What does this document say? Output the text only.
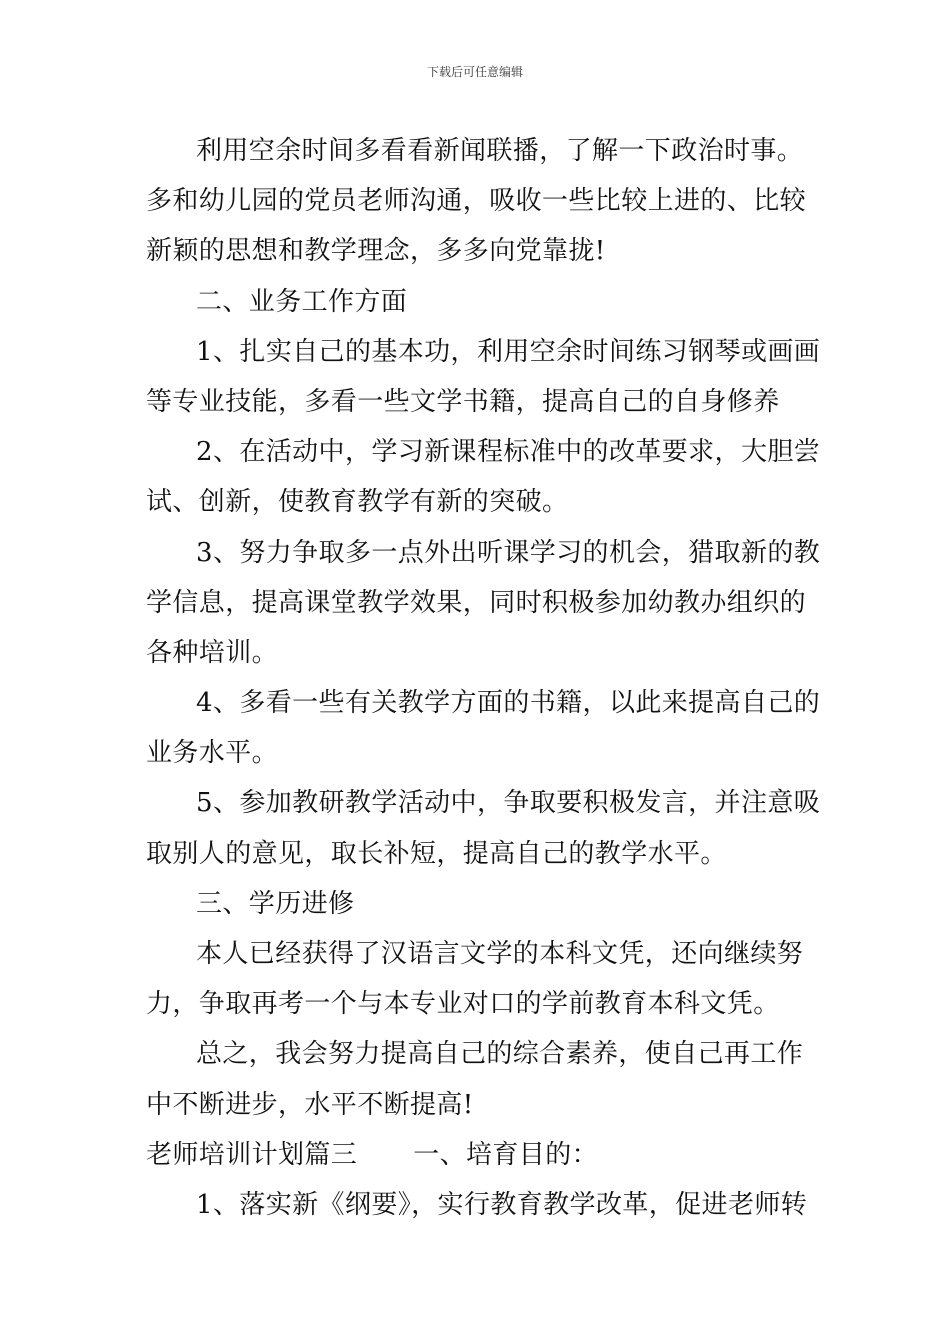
下载后可任意编辑
利用空余时间多看看新闻联播，了解一下政治时事。
多和幼儿园的党员老师沟通，吸收一些比较上进的、比较
新颖的思想和教学理念，多多向党靠拢!
二、业务工作方面
1、扎实自己的基本功，利用空余时间练习钢琴或画画
等专业技能，多看一些文学书籍，提高自己的自身修养
2、在活动中，学习新课程标准中的改革要求，大胆尝
试、创新，使教育教学有新的突破。
3、努力争取多一点外出听课学习的机会，猎取新的教
学信息，提高课堂教学效果，同时积极参加幼教办组织的
各种培训。
4、多看一些有关教学方面的书籍，以此来提高自己的
业务水平。
5、参加教研教学活动中，争取要积极发言，并注意吸
取别人的意见，取长补短，提高自己的教学水平。
三、学历进修
本人已经获得了汉语言文学的本科文凭，还向继续努
力，争取再考一个与本专业对口的学前教育本科文凭。
总之，我会努力提高自己的综合素养，使自己再工作
中不断进步，水平不断提高!
老师培训计划篇三 一、培育目的：
1、落实新《纲要》，实行教育教学改革，促进老师转
